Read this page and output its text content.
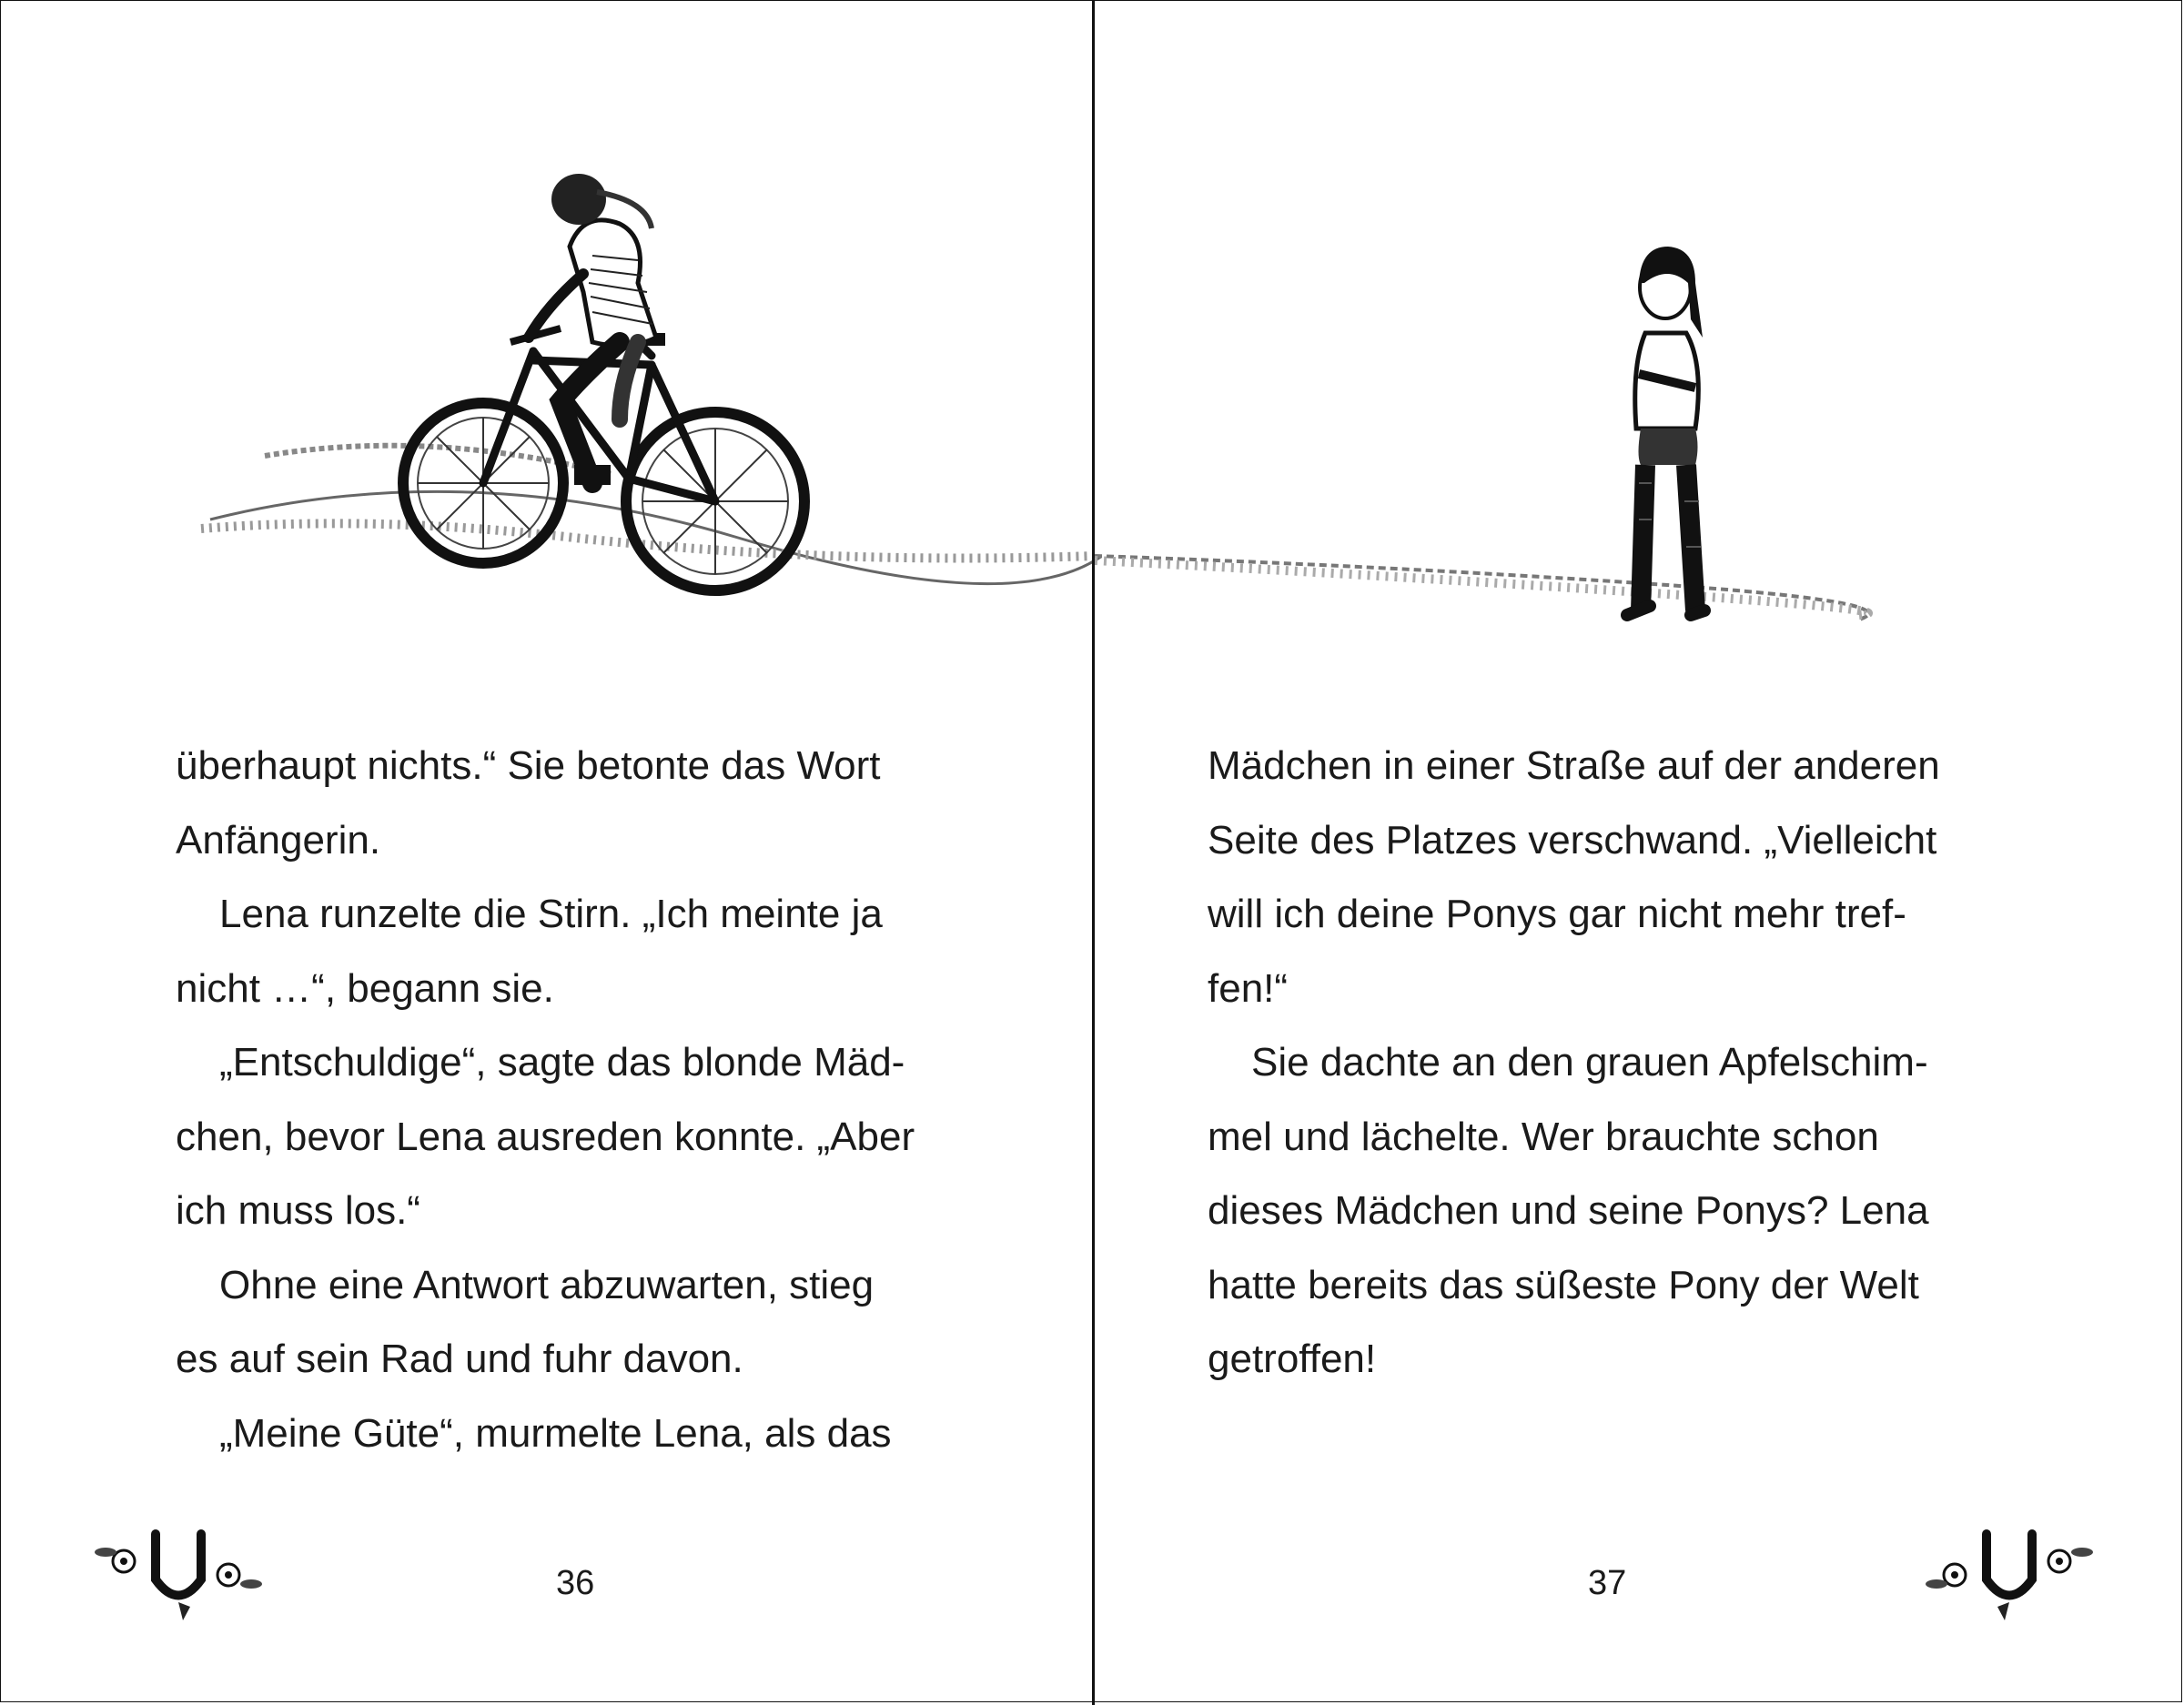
überhaupt nichts.“ Sie betonte das Wort
Anfängerin.
Lena runzelte die Stirn. „Ich meinte ja
nicht …“, begann sie.
„Entschuldige“, sagte das blonde Mäd-
chen, bevor Lena ausreden konnte. „Aber
ich muss los.“
Ohne eine Antwort abzuwarten, stieg
es auf sein Rad und fuhr davon.
„Meine Güte“, murmelte Lena, als das
36
Mädchen in einer Straße auf der anderen
Seite des Platzes verschwand. „Vielleicht
will ich deine Ponys gar nicht mehr tref-
fen!“
Sie dachte an den grauen Apfelschim-
mel und lächelte. Wer brauchte schon
dieses Mädchen und seine Ponys? Lena
hatte bereits das süßeste Pony der Welt
getroffen!
37
